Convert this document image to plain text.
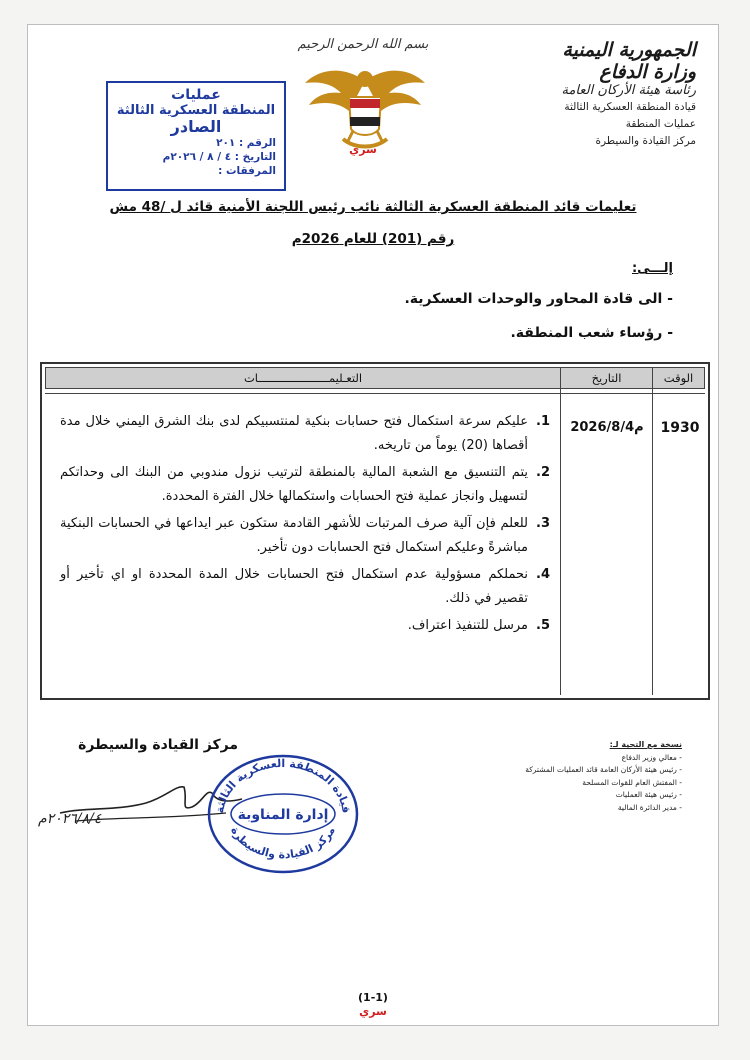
الجمهورية اليمنية
وزارة الدفاع
رئاسة هيئة الأركان العامة
قيادة المنطقة العسكرية الثالثة
عمليات المنطقة
مركز القيادة والسيطرة
بسم الله الرحمن الرحيم
سري
عمليات
المنطقة العسكرية الثالثة
الصادر
الرقم : ٢٠١
التاريخ : ٤ / ٨ / ٢٠٢٦م
المرفقات :
تعليمات قائد المنطقة العسكرية الثالثة نائب رئيس اللجنة الأمنية قائد ل /48 مش
رقم (201) للعام 2026م
إلـــى:
- الى قادة المحاور والوحدات العسكرية.
- رؤساء شعب المنطقة.
الوقت
التاريخ
التعـليمـــــــــــــــــــــات
1930
2026/8/4م
1.
عليكم سرعة استكمال فتح حسابات بنكية لمنتسبيكم لدى بنك الشرق اليمني خلال مدة أقصاها (20) يوماً من تاريخه.
2.
يتم التنسيق مع الشعبة المالية بالمنطقة لترتيب نزول مندوبي من البنك الى وحداتكم لتسهيل وانجاز عملية فتح الحسابات واستكمالها خلال الفترة المحددة.
3.
للعلم فإن آلية صرف المرتبات للأشهر القادمة ستكون عبر ايداعها في الحسابات البنكية مباشرةً وعليكم استكمال فتح الحسابات دون تأخير.
4.
نحملكم مسؤولية عدم استكمال فتح الحسابات خلال المدة المحددة او اي تأخير أو تقصير في ذلك.
5.
مرسل للتنفيذ اعتراف.
مركز القيادة والسيطرة
٢٠٢٦/٨/٤م
قيادة المنطقة العسكرية الثالثة
إدارة المناوبة
مركز القيادة والسيطرة
نسخة مع التحية لـ:
- معالي وزير الدفاع
- رئيس هيئة الأركان العامة قائد العمليات المشتركة
- المفتش العام للقوات المسلحة
- رئيس هيئة العمليات
- مدير الدائرة المالية
(1-1)
سري
